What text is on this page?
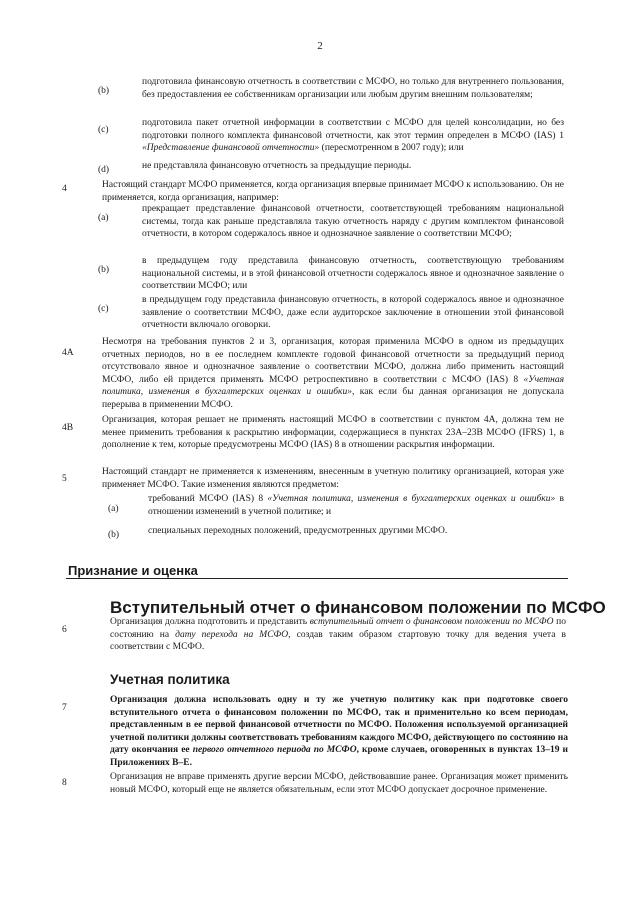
2
(b)
подготовила финансовую отчетность в соответствии с МСФО, но только для внутреннего пользования, без предоставления ее собственникам организации или любым другим внешним пользователям;
(c)
подготовила пакет отчетной информации в соответствии с МСФО для целей консолидации, но без подготовки полного комплекта финансовой отчетности, как этот термин определен в МСФО (IAS) 1 «Представление финансовой отчетности» (пересмотренном в 2007 году); или
(d)	не представляла финансовую отчетность за предыдущие периоды.
4	Настоящий стандарт МСФО применяется, когда организация впервые принимает МСФО к использованию. Он не применяется, когда организация, например:
(a)
прекращает представление финансовой отчетности, соответствующей требованиям национальной системы, тогда как раньше представляла такую отчетность наряду с другим комплектом финансовой отчетности, в котором содержалось явное и однозначное заявление о соответствии МСФО;
(b)
в предыдущем году представила финансовую отчетность, соответствующую требованиям национальной системы, и в этой финансовой отчетности содержалось явное и однозначное заявление о соответствии МСФО; или
(c)
в предыдущем году представила финансовую отчетность, в которой содержалось явное и однозначное заявление о соответствии МСФО, даже если аудиторское заключение в отношении этой финансовой отчетности включало оговорки.
4A
Несмотря на требования пунктов 2 и 3, организация, которая применила МСФО в одном из предыдущих отчетных периодов, но в ее последнем комплекте годовой финансовой отчетности за предыдущий период отсутствовало явное и однозначное заявление о соответствии МСФО, должна либо применить настоящий МСФО, либо ей придется применять МСФО ретроспективно в соответствии с МСФО (IAS) 8 «Учетная политика, изменения в бухгалтерских оценках и ошибки», как если бы данная организация не допускала перерыва в применении МСФО.
4B
Организация, которая решает не применять настоящий МСФО в соответствии с пунктом 4A, должна тем не менее применить требования к раскрытию информации, содержащиеся в пунктах 23A–23B МСФО (IFRS) 1, в дополнение к тем, которые предусмотрены МСФО (IAS) 8 в отношении раскрытия информации.
5
Настоящий стандарт не применяется к изменениям, внесенным в учетную политику организацией, которая уже применяет МСФО. Такие изменения являются предметом:
(a)
требований МСФО (IAS) 8 «Учетная политика, изменения в бухгалтерских оценках и ошибки» в отношении изменений в учетной политике; и
(b)	специальных переходных положений, предусмотренных другими МСФО.
Признание и оценка
Вступительный отчет о финансовом положении по МСФО
6
Организация должна подготовить и представить вступительный отчет о финансовом положении по МСФО по состоянию на дату перехода на МСФО, создав таким образом стартовую точку для ведения учета в соответствии с МСФО.
Учетная политика
7
Организация должна использовать одну и ту же учетную политику как при подготовке своего вступительного отчета о финансовом положении по МСФО, так и применительно ко всем периодам, представленным в ее первой финансовой отчетности по МСФО. Положения используемой организацией учетной политики должны соответствовать требованиям каждого МСФО, действующего по состоянию на дату окончания ее первого отчетного периода по МСФО, кроме случаев, оговоренных в пунктах 13–19 и Приложениях В–Е.
8
Организация не вправе применять другие версии МСФО, действовавшие ранее. Организация может применить новый МСФО, который еще не является обязательным, если этот МСФО допускает досрочное применение.
